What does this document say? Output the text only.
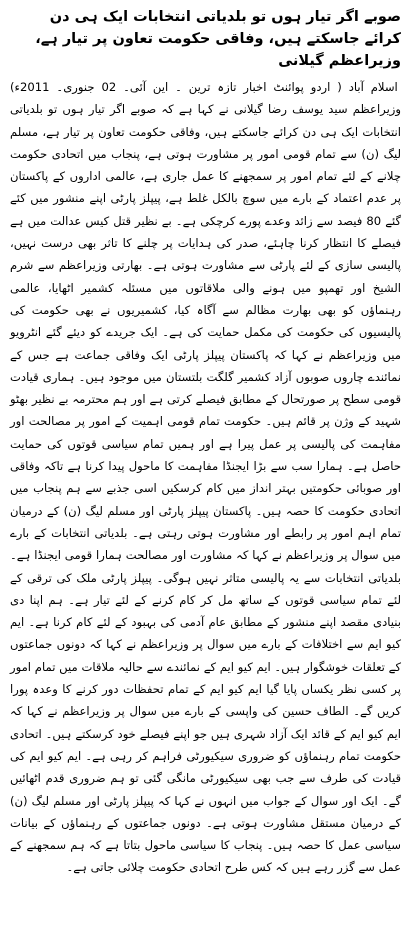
صوبے اگر تیار ہوں تو بلدیاتی انتخابات ایک ہی دن کرائے جاسکتے ہیں، وفاقی حکومت تعاون پر تیار ہے، وزیراعظم گیلانی
اسلام آباد ( اردو پوائنٹ اخبار تازہ ترین ۔ این آئی۔ 02 جنوری۔ 2011ء) وزیراعظم سید یوسف رضا گیلانی نے کہا ہے کہ صوبے اگر تیار ہوں تو بلدیاتی انتخابات ایک ہی دن کرائے جاسکتے ہیں، وفاقی حکومت تعاون پر تیار ہے، مسلم لیگ (ن) سے تمام قومی امور پر مشاورت ہوتی ہے، پنجاب میں اتحادی حکومت چلانے کے لئے تمام امور پر سمجھنے کا عمل جاری ہے، عالمی اداروں کے پاکستان پر عدم اعتماد کے بارے میں سوچ بالکل غلط ہے، پیپلز پارٹی اپنے منشور میں کئے گئے 80 فیصد سے زائد وعدے پورے کرچکی ہے۔ بے نظیر قتل کیس عدالت میں ہے فیصلے کا انتظار کرنا چاہئے، صدر کی ہدایات پر چلنے کا تاثر بھی درست نہیں، پالیسی سازی کے لئے پارٹی سے مشاورت ہوتی ہے۔ بھارتی وزیراعظم سے شرم الشیخ اور تھمپو میں ہونے والی ملاقاتوں میں مسئلہ کشمیر اٹھایا، عالمی رہنماؤں کو بھی بھارت مظالم سے آگاہ کیا، کشمیریوں نے بھی حکومت کی پالیسیوں کی حکومت کی مکمل حمایت کی ہے۔ ایک جریدے کو دیئے گئے انٹرویو میں وزیراعظم نے کہا کہ پاکستان پیپلز پارٹی ایک وفاقی جماعت ہے جس کے نمائندے چاروں صوبوں آزاد کشمیر گلگت بلتستان میں موجود ہیں۔ ہماری قیادت قومی سطح پر صورتحال کے مطابق فیصلے کرتی ہے اور ہم محترمہ بے نظیر بھٹو شہید کے وژن پر قائم ہیں۔ حکومت تمام قومی اہمیت کے امور پر مصالحت اور مفاہمت کی پالیسی پر عمل پیرا ہے اور ہمیں تمام سیاسی قوتوں کی حمایت حاصل ہے۔ ہمارا سب سے بڑا ایجنڈا مفاہمت کا ماحول پیدا کرنا ہے تاکہ وفاقی اور صوبائی حکومتیں بہتر انداز میں کام کرسکیں اسی جذبے سے ہم پنجاب میں اتحادی حکومت کا حصہ ہیں۔ پاکستان پیپلز پارٹی اور مسلم لیگ (ن) کے درمیان تمام اہم امور پر رابطے اور مشاورت ہوتی رہتی ہے۔ بلدیاتی انتخابات کے بارے میں سوال پر وزیراعظم نے کہا کہ مشاورت اور مصالحت ہمارا قومی ایجنڈا ہے۔ بلدیاتی انتخابات سے یہ پالیسی متاثر نہیں ہوگی۔ پیپلز پارٹی ملک کی ترقی کے لئے تمام سیاسی قوتوں کے ساتھ مل کر کام کرنے کے لئے تیار ہے۔ ہم اپنا دی بنیادی مقصد اپنے منشور کے مطابق عام آدمی کی بہبود کے لئے کام کرنا ہے۔ ایم کیو ایم سے اختلافات کے بارے میں سوال پر وزیراعظم نے کہا کہ دونوں جماعتوں کے تعلقات خوشگوار ہیں۔ ایم کیو ایم کے نمائندے سے حالیہ ملاقات میں تمام امور پر کسی نظر یکساں پایا گیا ایم کیو ایم کے تمام تحفظات دور کرنے کا وعدہ پورا کریں گے۔ الطاف حسین کی واپسی کے بارے میں سوال پر وزیراعظم نے کہا کہ ایم کیو ایم کے قائد ایک آزاد شہری ہیں جو اپنے فیصلے خود کرسکتے ہیں۔ اتحادی حکومت تمام رہنماؤں کو ضروری سیکیورٹی فراہم کر رہی ہے۔ ایم کیو ایم کی قیادت کی طرف سے جب بھی سیکیورٹی مانگی گئی تو ہم ضروری قدم اٹھائیں گے۔ ایک اور سوال کے جواب میں انہوں نے کہا کہ پیپلز پارٹی اور مسلم لیگ (ن) کے درمیان مستقل مشاورت ہوتی ہے۔ دونوں جماعتوں کے رہنماؤں کے بیانات سیاسی عمل کا حصہ ہیں۔ پنجاب کا سیاسی ماحول بتاتا ہے کہ ہم سمجھنے کے عمل سے گزر رہے ہیں کہ کس طرح اتحادی حکومت چلائی جاتی ہے۔
